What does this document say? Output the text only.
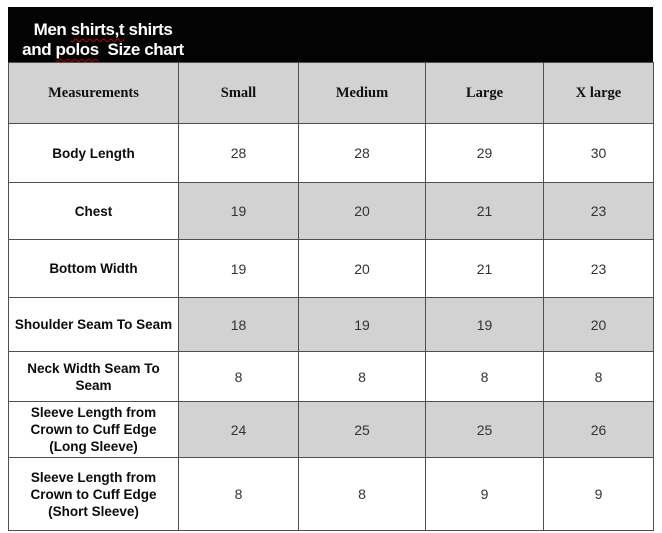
Men shirts,t shirts
and polos  Size chart
Measurements	Small	Medium	Large	X large
Body Length	28	28	29	30
Chest	19	20	21	23
Bottom Width	19	20	21	23
Shoulder Seam To Seam	18	19	19	20
Neck Width Seam To Seam	8	8	8	8
Sleeve Length from Crown to Cuff Edge (Long Sleeve)	24	25	25	26
Sleeve Length from Crown to Cuff Edge (Short Sleeve)	8	8	9	9
